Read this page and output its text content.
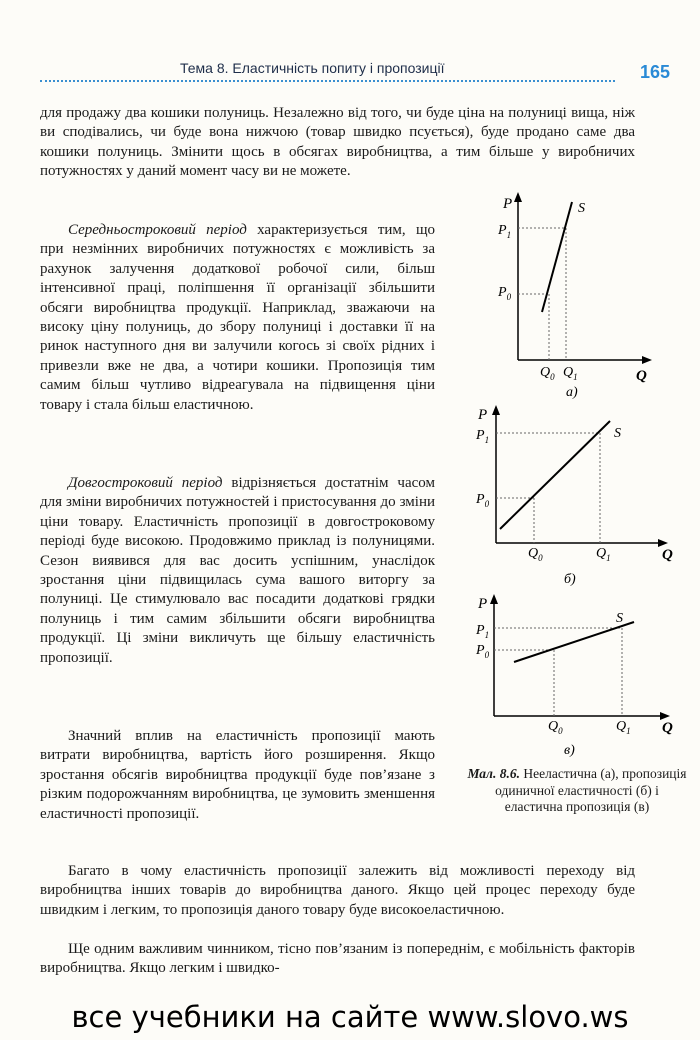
Тема 8. Еластичність попиту і пропозиції	165

для продажу два кошики полуниць. Незалежно від того, чи буде ціна на полуниці вища, ніж ви сподівались, чи буде вона нижчою (товар швидко псується), буде продано саме два кошики полуниць. Змінити щось в обсягах виробництва, а тим більше у виробничих потужностях у даний момент часу ви не можете.

Середньостроковий період характеризується тим, що при незмінних виробничих потужностях є можливість за рахунок залучення додаткової робочої сили, більш інтенсивної праці, поліпшення її організації збільшити обсяги виробництва продукції. Наприклад, зважаючи на високу ціну полуниць, до збору полуниці і доставки її на ринок наступного дня ви залучили когось зі своїх рідних і привезли вже не два, а чотири кошики. Пропозиція тим самим більш чутливо відреагувала на підвищення ціни товару і стала більш еластичною.

Довгостроковий період відрізняється достатнім часом для зміни виробничих потужностей і пристосування до зміни ціни товару. Еластичність пропозиції в довгостроковому періоді буде високою. Продовжимо приклад із полуницями. Сезон виявився для вас досить успішним, унаслідок зростання ціни підвищилась сума вашого виторгу за полуниці. Це стимулювало вас посадити додаткові грядки полуниць і тим самим збільшити обсяги виробництва продукції. Ці зміни викличуть ще більшу еластичність пропозиції.

Значний вплив на еластичність пропозиції мають витрати виробництва, вартість його розширення. Якщо зростання обсягів виробництва продукції буде пов’язане з різким подорожчанням виробництва, це зумовить зменшення еластичності пропозиції.

Багато в чому еластичність пропозиції залежить від можливості переходу від виробництва інших товарів до виробництва даного. Якщо цей процес переходу буде швидким і легким, то пропозиція даного товару буде високоеластичною.

Ще одним важливим чинником, тісно пов’язаним із попереднім, є мобільність факторів виробництва. Якщо легким і швидко-

P
$P_1$
$P_0$
$Q_0$ $Q_1$	Q
S
а)
P
$P_1$
$P_0$
$Q_0$	$Q_1$	Q
S
б)
P
$P_1$
$P_0$
$Q_0$	$Q_1$ Q
S
в)
Мал. 8.6. Нееластична (а), пропозиція одиничної еластичності (б) і еластична пропозиція (в)
все учебники на сайте www.slovo.ws
